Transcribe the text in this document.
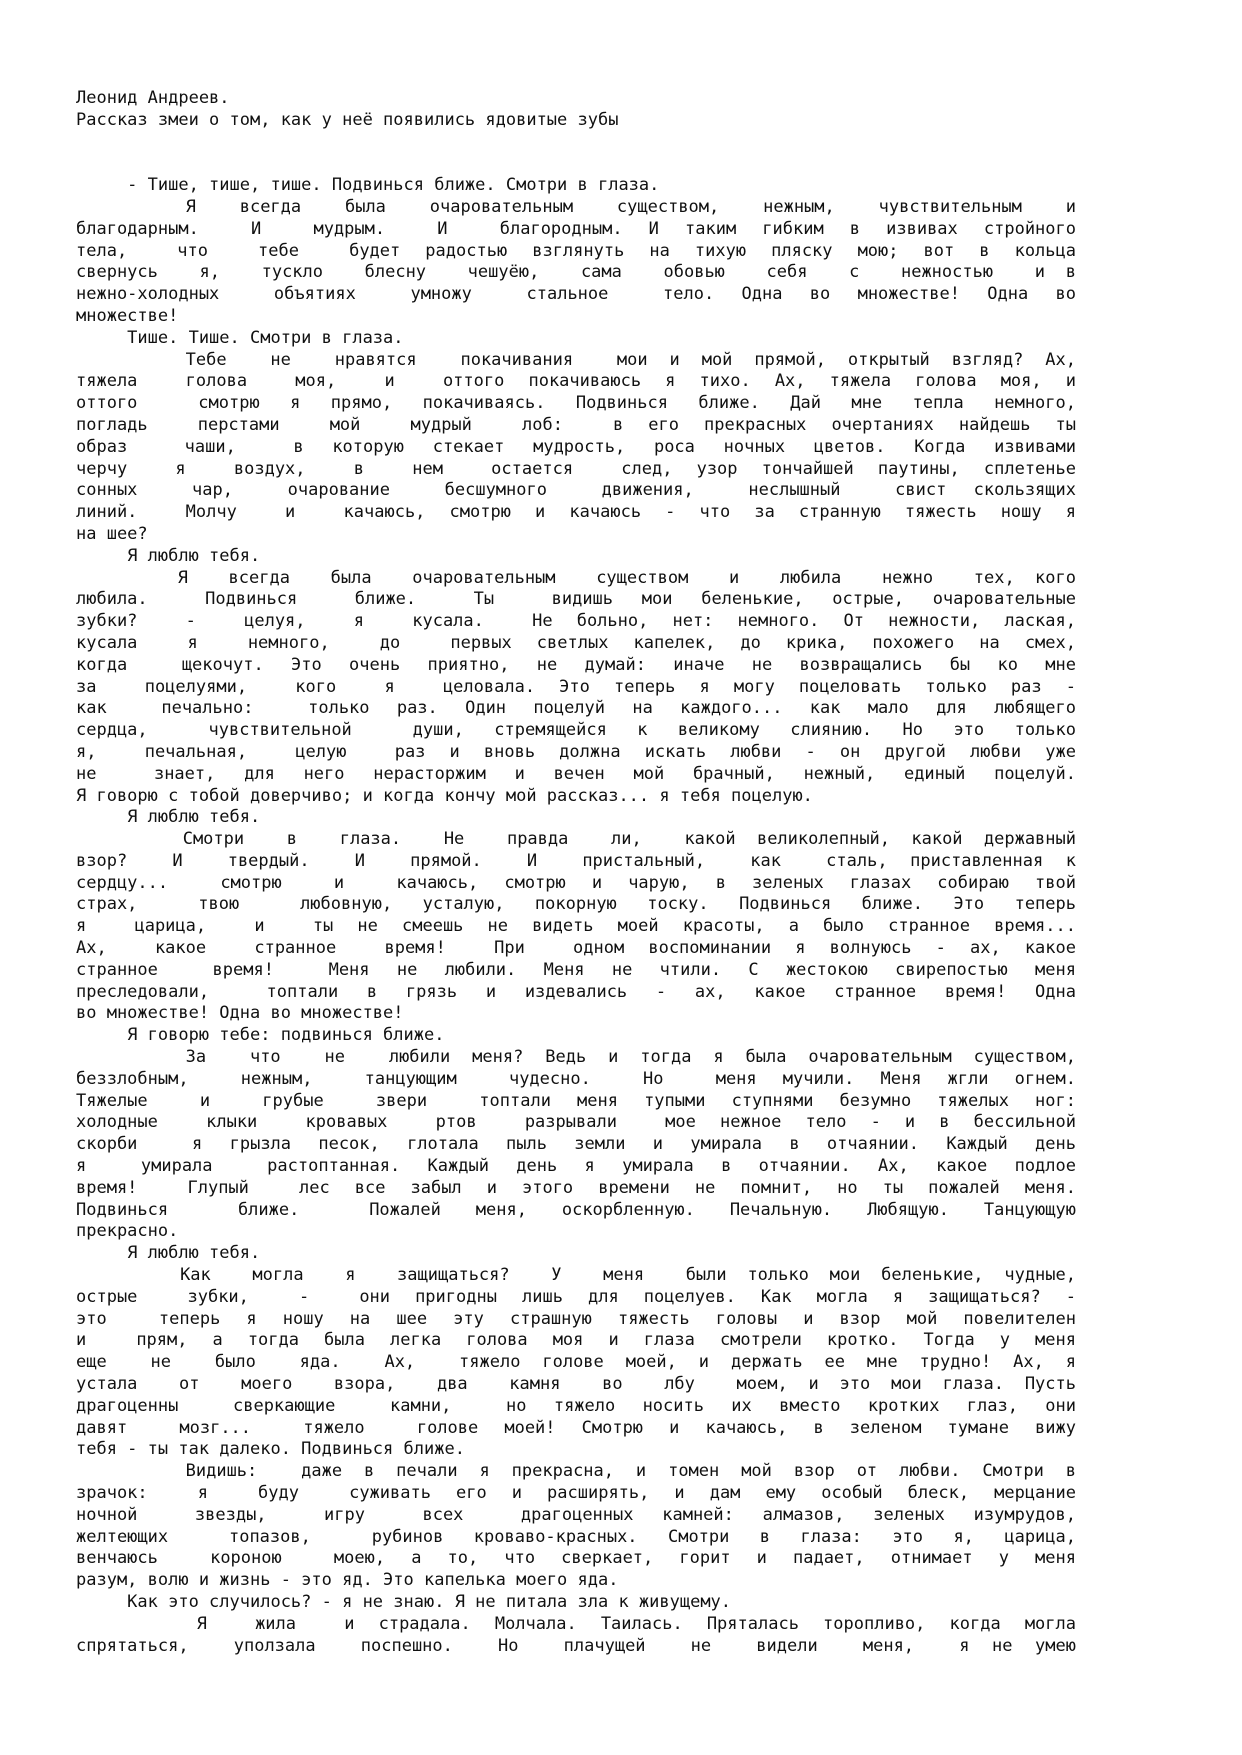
Леонид Андреев.
Рассказ змеи о том, как у неё появились ядовитые зубы
- Тише, тише, тише. Подвинься ближе. Смотри в глаза.
Я  всегда  была  очаровательным  существом,  нежным,  чувствительным  и
благодарным.  И  мудрым.  И  благородным. И таким гибким в извивах стройного
тела,  что  тебе  будет радостью взглянуть на тихую пляску мою; вот в кольца
свернусь  я,  тускло  блесну  чешуёю,  сама  обовью  себя  с  нежностью  и в
нежно-холодных  объятиях  умножу  стальное  тело. Одна во множестве! Одна во
множестве!
Тише. Тише. Смотри в глаза.
Тебе  не  нравятся  покачивания  мои и мой прямой, открытый взгляд? Ах,
тяжела  голова  моя,  и  оттого покачиваюсь я тихо. Ах, тяжела голова моя, и
оттого  смотрю я прямо, покачиваясь. Подвинься ближе. Дай мне тепла немного,
погладь  перстами  мой  мудрый  лоб:  в его прекрасных очертаниях найдешь ты
образ  чаши,  в которую стекает мудрость, роса ночных цветов. Когда извивами
черчу  я  воздух,  в  нем  остается  след, узор тончайшей паутины, сплетенье
сонных  чар,  очарование  бесшумного  движения,  неслышный  свист скользящих
линий.  Молчу  и  качаюсь, смотрю и качаюсь - что за странную тяжесть ношу я
на шее?
Я люблю тебя.
Я  всегда  была  очаровательным  существом  и  любила  нежно  тех, кого
любила.  Подвинься  ближе.  Ты  видишь мои беленькие, острые, очаровательные
зубки?  -  целуя,  я  кусала.  Не больно, нет: немного. От нежности, лаская,
кусала  я  немного,  до  первых светлых капелек, до крика, похожего на смех,
когда  щекочут. Это очень приятно, не думай: иначе не возвращались бы ко мне
за  поцелуями,  кого  я  целовала. Это теперь я могу поцеловать только раз -
как  печально:  только раз. Один поцелуй на каждого... как мало для любящего
сердца,  чувствительной  души, стремящейся к великому слиянию. Но это только
я,  печальная,  целую  раз и вновь должна искать любви - он другой любви уже
не  знает, для него нерасторжим и вечен мой брачный, нежный, единый поцелуй.
Я говорю с тобой доверчиво; и когда кончу мой рассказ... я тебя поцелую.
Я люблю тебя.
Смотри  в  глаза.  Не  правда  ли,  какой великолепный, какой державный
взор?  И  твердый.  И  прямой.  И  пристальный,  как  сталь, приставленная к
сердцу...  смотрю  и  качаюсь, смотрю и чарую, в зеленых глазах собираю твой
страх,  твою  любовную, усталую, покорную тоску. Подвинься ближе. Это теперь
я  царица,  и  ты не смеешь не видеть моей красоты, а было странное время...
Ах,  какое  странное  время!  При  одном воспоминании я волнуюсь - ах, какое
странное  время!  Меня не любили. Меня не чтили. С жестокою свирепостью меня
преследовали,  топтали в грязь и издевались - ах, какое странное время! Одна
во множестве! Одна во множестве!
Я говорю тебе: подвинься ближе.
За  что  не  любили меня? Ведь и тогда я была очаровательным существом,
беззлобным,  нежным,  танцующим  чудесно.  Но  меня мучили. Меня жгли огнем.
Тяжелые  и  грубые  звери  топтали меня тупыми ступнями безумно тяжелых ног:
холодные  клыки  кровавых  ртов  разрывали  мое нежное тело - и в бессильной
скорби  я грызла песок, глотала пыль земли и умирала в отчаянии. Каждый день
я  умирала  растоптанная. Каждый день я умирала в отчаянии. Ах, какое подлое
время!  Глупый  лес все забыл и этого времени не помнит, но ты пожалей меня.
Подвинься  ближе.  Пожалей меня, оскорбленную. Печальную. Любящую. Танцующую
прекрасно.
Я люблю тебя.
Как  могла  я  защищаться?  У  меня  были только мои беленькие, чудные,
острые  зубки,  -  они пригодны лишь для поцелуев. Как могла я защищаться? -
это  теперь я ношу на шее эту страшную тяжесть головы и взор мой повелителен
и  прям, а тогда была легка голова моя и глаза смотрели кротко. Тогда у меня
еще  не  было  яда.  Ах,  тяжело голове моей, и держать ее мне трудно! Ах, я
устала  от  моего  взора,  два  камня  во  лбу  моем, и это мои глаза. Пусть
драгоценны  сверкающие  камни,  но тяжело носить их вместо кротких глаз, они
давят  мозг...  тяжело  голове моей! Смотрю и качаюсь, в зеленом тумане вижу
тебя - ты так далеко. Подвинься ближе.
Видишь:  даже в печали я прекрасна, и томен мой взор от любви. Смотри в
зрачок:  я  буду  суживать его и расширять, и дам ему особый блеск, мерцание
ночной  звезды,  игру  всех  драгоценных камней: алмазов, зеленых изумрудов,
желтеющих  топазов,  рубинов кроваво-красных. Смотри в глаза: это я, царица,
венчаюсь  короною  моею, а то, что сверкает, горит и падает, отнимает у меня
разум, волю и жизнь - это яд. Это капелька моего яда.
Как это случилось? - я не знаю. Я не питала зла к живущему.
Я  жила  и страдала. Молчала. Таилась. Пряталась торопливо, когда могла
спрятаться,  уползала  поспешно.  Но  плачущей  не  видели  меня,  я не умею
